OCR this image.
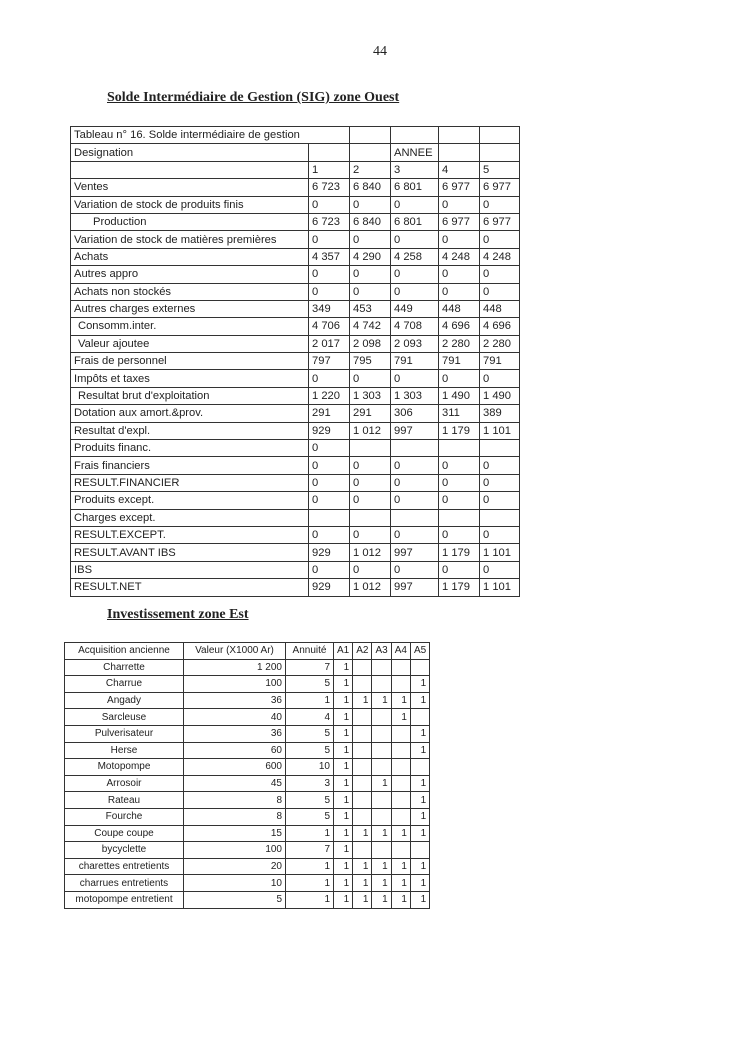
44
Solde Intermédiaire de Gestion (SIG) zone Ouest
Tableau n° 16. Solde intermédiaire de gestion					
Designation			ANNEE		
	1	2	3	4	5
Ventes	6 723	6 840	6 801	6 977	6 977
Variation de stock de produits finis	0	0	0	0	0
Production	6 723	6 840	6 801	6 977	6 977
Variation de stock de matières premières	0	0	0	0	0
Achats	4 357	4 290	4 258	4 248	4 248
Autres appro	0	0	0	0	0
Achats non stockés	0	0	0	0	0
Autres charges externes	349	453	449	448	448
Consomm.inter.	4 706	4 742	4 708	4 696	4 696
Valeur ajoutee	2 017	2 098	2 093	2 280	2 280
Frais de personnel	797	795	791	791	791
Impôts et taxes	0	0	0	0	0
Resultat brut d'exploitation	1 220	1 303	1 303	1 490	1 490
Dotation aux amort.&prov.	291	291	306	311	389
Resultat d'expl.	929	1 012	997	1 179	1 101
Produits financ.	0				
Frais financiers	0	0	0	0	0
RESULT.FINANCIER	0	0	0	0	0
Produits except.	0	0	0	0	0
Charges except.					
RESULT.EXCEPT.	0	0	0	0	0
RESULT.AVANT IBS	929	1 012	997	1 179	1 101
IBS	0	0	0	0	0
RESULT.NET	929	1 012	997	1 179	1 101
Investissement zone Est
Acquisition ancienne	Valeur (X1000 Ar)	Annuité	A1	A2	A3	A4	A5
Charrette	1 200	7	1				
Charrue	100	5	1				1
Angady	36	1	1	1	1	1	1
Sarcleuse	40	4	1			1	
Pulverisateur	36	5	1				1
Herse	60	5	1				1
Motopompe	600	10	1				
Arrosoir	45	3	1		1		1
Rateau	8	5	1				1
Fourche	8	5	1				1
Coupe coupe	15	1	1	1	1	1	1
bycyclette	100	7	1				
charettes entretients	20	1	1	1	1	1	1
charrues entretients	10	1	1	1	1	1	1
motopompe entretient	5	1	1	1	1	1	1
